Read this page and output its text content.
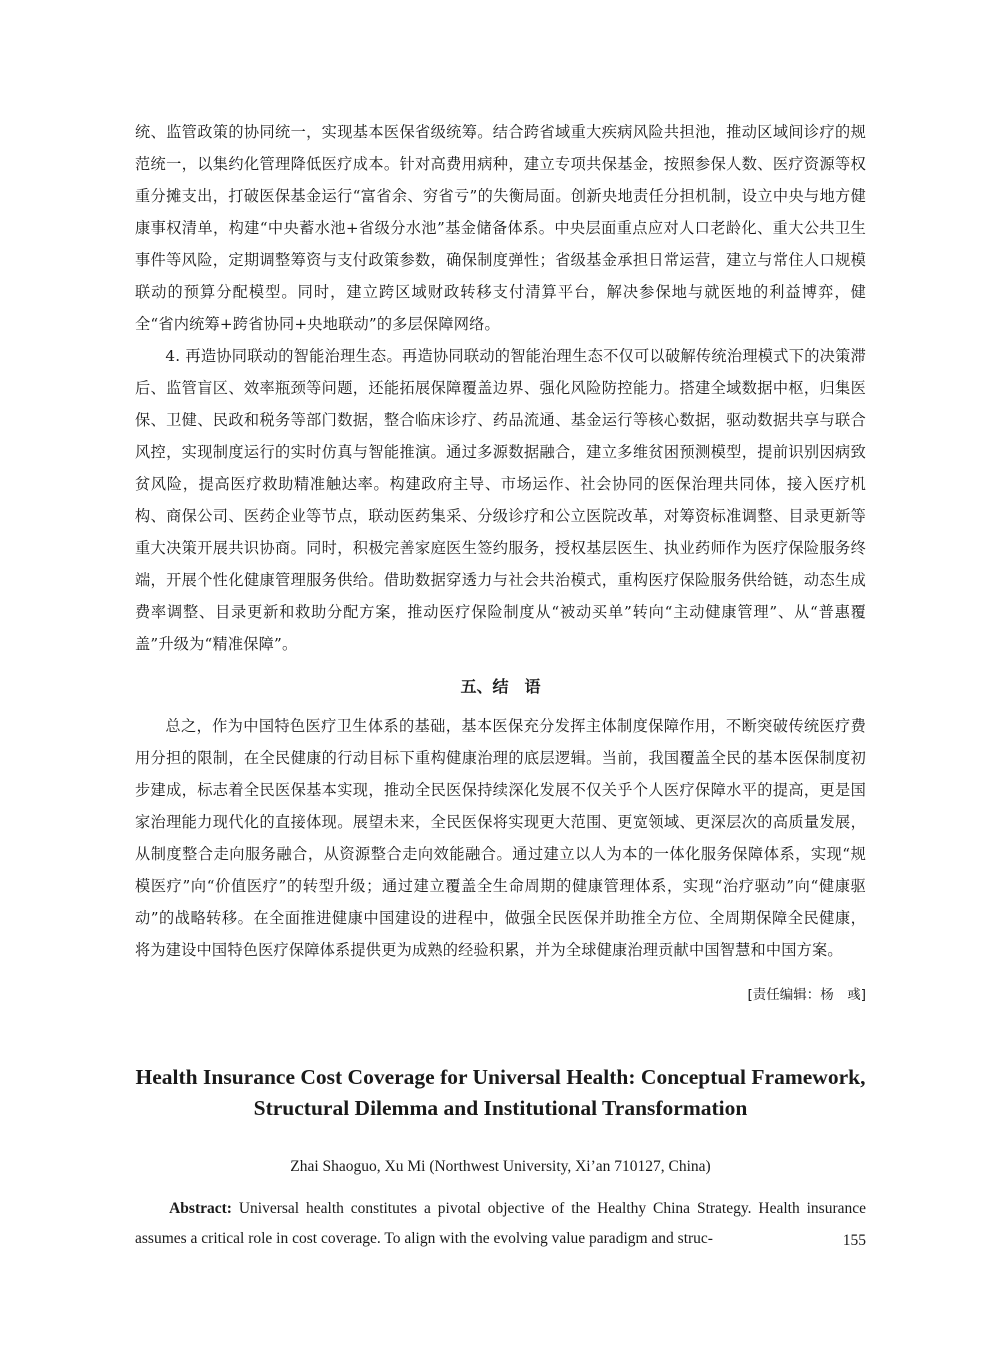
统、监管政策的协同统一，实现基本医保省级统筹。结合跨省域重大疾病风险共担池，推动区域间诊疗的规范统一，以集约化管理降低医疗成本。针对高费用病种，建立专项共保基金，按照参保人数、医疗资源等权重分摊支出，打破医保基金运行“富省余、穷省亏”的失衡局面。创新央地责任分担机制，设立中央与地方健康事权清单，构建“中央蓄水池+省级分水池”基金储备体系。中央层面重点应对人口老龄化、重大公共卫生事件等风险，定期调整筹资与支付政策参数，确保制度弹性；省级基金承担日常运营，建立与常住人口规模联动的预算分配模型。同时，建立跨区域财政转移支付清算平台，解决参保地与就医地的利益博弈，健全“省内统筹+跨省协同+央地联动”的多层保障网络。

4. 再造协同联动的智能治理生态。再造协同联动的智能治理生态不仅可以破解传统治理模式下的决策滞后、监管盲区、效率瓶颈等问题，还能拓展保障覆盖边界、强化风险防控能力。搭建全域数据中枢，归集医保、卫健、民政和税务等部门数据，整合临床诊疗、药品流通、基金运行等核心数据，驱动数据共享与联合风控，实现制度运行的实时仿真与智能推演。通过多源数据融合，建立多维贫困预测模型，提前识别因病致贫风险，提高医疗救助精准触达率。构建政府主导、市场运作、社会协同的医保治理共同体，接入医疗机构、商保公司、医药企业等节点，联动医药集采、分级诊疗和公立医院改革，对筹资标准调整、目录更新等重大决策开展共识协商。同时，积极完善家庭医生签约服务，授权基层医生、执业药师作为医疗保险服务终端，开展个性化健康管理服务供给。借助数据穿透力与社会共治模式，重构医疗保险服务供给链，动态生成费率调整、目录更新和救助分配方案，推动医疗保险制度从“被动买单”转向“主动健康管理”、从“普惠覆盖”升级为“精准保障”。

五、结　语

总之，作为中国特色医疗卫生体系的基础，基本医保充分发挥主体制度保障作用，不断突破传统医疗费用分担的限制，在全民健康的行动目标下重构健康治理的底层逻辑。当前，我国覆盖全民的基本医保制度初步建成，标志着全民医保基本实现，推动全民医保持续深化发展不仅关乎个人医疗保障水平的提高，更是国家治理能力现代化的直接体现。展望未来，全民医保将实现更大范围、更宽领域、更深层次的高质量发展，从制度整合走向服务融合，从资源整合走向效能融合。通过建立以人为本的一体化服务保障体系，实现“规模医疗”向“价值医疗”的转型升级；通过建立覆盖全生命周期的健康管理体系，实现“治疗驱动”向“健康驱动”的战略转移。在全面推进健康中国建设的进程中，做强全民医保并助推全方位、全周期保障全民健康，将为建设中国特色医疗保障体系提供更为成熟的经验积累，并为全球健康治理贡献中国智慧和中国方案。

[责任编辑：杨　彧]
Health Insurance Cost Coverage for Universal Health: Conceptual Framework, Structural Dilemma and Institutional Transformation
Zhai Shaoguo, Xu Mi (Northwest University, Xi’an 710127, China)

Abstract: Universal health constitutes a pivotal objective of the Healthy China Strategy. Health insurance assumes a critical role in cost coverage. To align with the evolving value paradigm and struc-	155
